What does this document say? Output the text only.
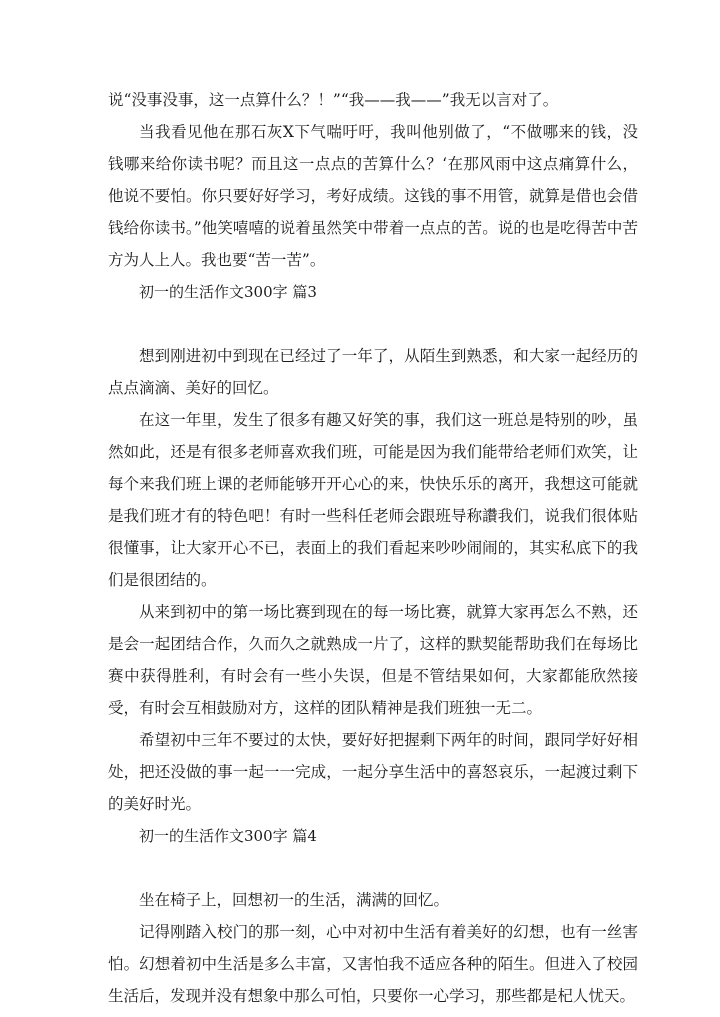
说“没事没事，这一点算什么？！”“我——我——”我无以言对了。

当我看见他在那石灰X下气喘吁吁，我叫他别做了，“不做哪来的钱，没钱哪来给你读书呢？而且这一点点的苦算什么？‘在那风雨中这点痛算什么，他说不要怕。你只要好好学习，考好成绩。这钱的事不用管，就算是借也会借钱给你读书。”他笑嘻嘻的说着虽然笑中带着一点点的苦。说的也是吃得苦中苦方为人上人。我也要“苦一苦”。

初一的生活作文300字 篇3

想到刚进初中到现在已经过了一年了，从陌生到熟悉，和大家一起经历的点点滴滴、美好的回忆。

在这一年里，发生了很多有趣又好笑的事，我们这一班总是特别的吵，虽然如此，还是有很多老师喜欢我们班，可能是因为我们能带给老师们欢笑，让每个来我们班上课的老师能够开开心心的来，快快乐乐的离开，我想这可能就是我们班才有的特色吧！有时一些科任老师会跟班导称讚我们，说我们很体贴很懂事，让大家开心不已，表面上的我们看起来吵吵闹闹的，其实私底下的我们是很团结的。

从来到初中的第一场比赛到现在的每一场比赛，就算大家再怎么不熟，还是会一起团结合作，久而久之就熟成一片了，这样的默契能帮助我们在每场比赛中获得胜利，有时会有一些小失误，但是不管结果如何，大家都能欣然接受，有时会互相鼓励对方，这样的团队精神是我们班独一无二。

希望初中三年不要过的太快，要好好把握剩下两年的时间，跟同学好好相处，把还没做的事一起一一完成，一起分享生活中的喜怒哀乐，一起渡过剩下的美好时光。

初一的生活作文300字 篇4

坐在椅子上，回想初一的生活，满满的回忆。

记得刚踏入校门的那一刻，心中对初中生活有着美好的幻想，也有一丝害怕。幻想着初中生活是多么丰富，又害怕我不适应各种的陌生。但进入了校园生活后，发现并没有想象中那么可怕，只要你一心学习，那些都是杞人忧天。
